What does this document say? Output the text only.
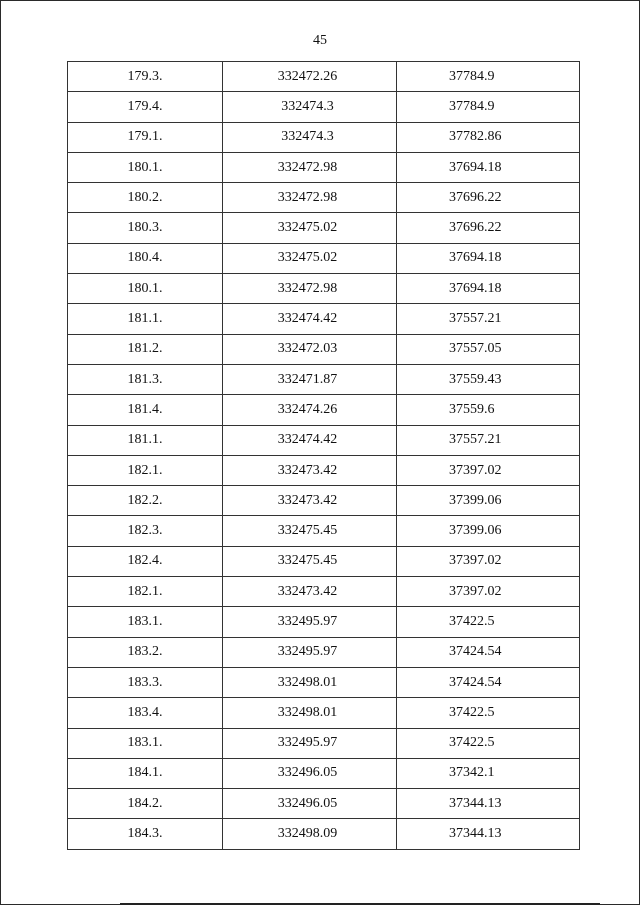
45
179.3.	332472.26	37784.9
179.4.	332474.3	37784.9
179.1.	332474.3	37782.86
180.1.	332472.98	37694.18
180.2.	332472.98	37696.22
180.3.	332475.02	37696.22
180.4.	332475.02	37694.18
180.1.	332472.98	37694.18
181.1.	332474.42	37557.21
181.2.	332472.03	37557.05
181.3.	332471.87	37559.43
181.4.	332474.26	37559.6
181.1.	332474.42	37557.21
182.1.	332473.42	37397.02
182.2.	332473.42	37399.06
182.3.	332475.45	37399.06
182.4.	332475.45	37397.02
182.1.	332473.42	37397.02
183.1.	332495.97	37422.5
183.2.	332495.97	37424.54
183.3.	332498.01	37424.54
183.4.	332498.01	37422.5
183.1.	332495.97	37422.5
184.1.	332496.05	37342.1
184.2.	332496.05	37344.13
184.3.	332498.09	37344.13
